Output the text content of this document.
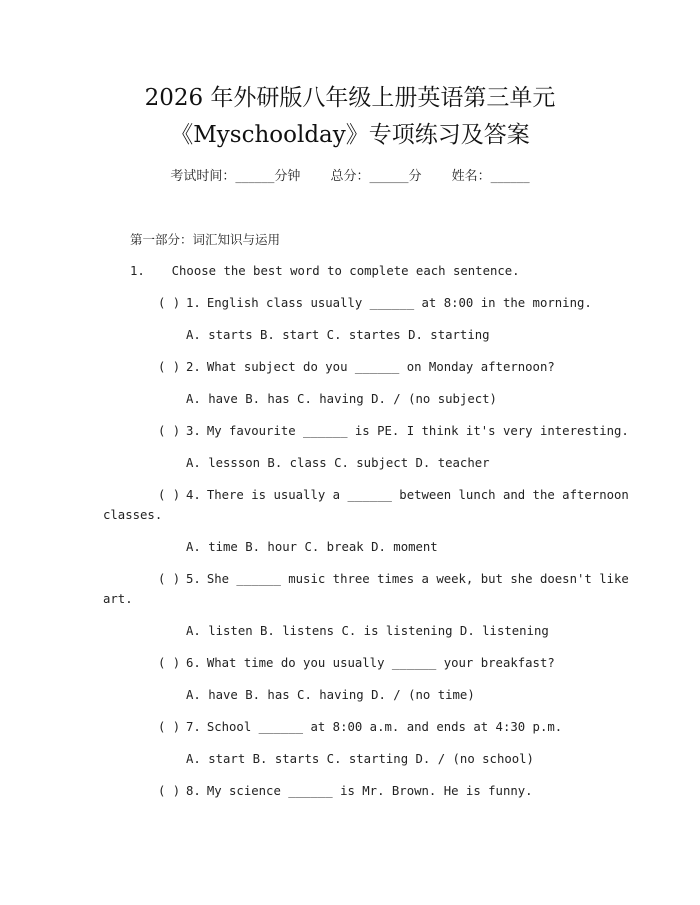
2026 年外研版八年级上册英语第三单元
《Myschoolday》专项练习及答案
考试时间：______分钟 总分：______分 姓名：______
第一部分：词汇知识与运用
1. Choose the best word to complete each sentence.
( ) 1. English class usually ______ at 8:00 in the morning.
A. starts B. start C. startes D. starting
( ) 2. What subject do you ______ on Monday afternoon?
A. have B. has C. having D. / (no subject)
( ) 3. My favourite ______ is PE. I think it's very interesting.
A. lessson B. class C. subject D. teacher
( ) 4. There is usually a ______ between lunch and the afternoon
classes.
A. time B. hour C. break D. moment
( ) 5. She ______ music three times a week, but she doesn't like
art.
A. listen B. listens C. is listening D. listening
( ) 6. What time do you usually ______ your breakfast?
A. have B. has C. having D. / (no time)
( ) 7. School ______ at 8:00 a.m. and ends at 4:30 p.m.
A. start B. starts C. starting D. / (no school)
( ) 8. My science ______ is Mr. Brown. He is funny.
